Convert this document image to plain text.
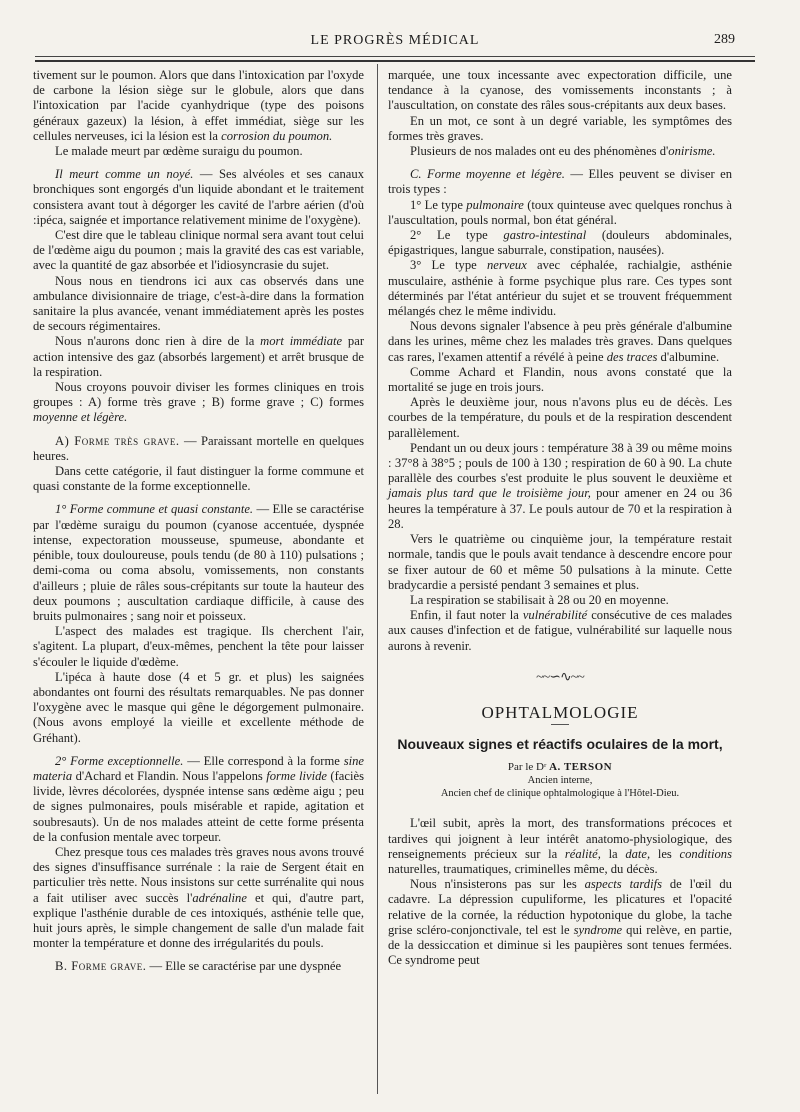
LE PROGRÈS MÉDICAL	289

tivement sur le poumon. Alors que dans l'intoxication par l'oxyde de carbone la lésion siège sur le globule, alors que dans l'intoxication par l'acide cyanhydrique (type des poisons généraux gazeux) la lésion, à effet immédiat, siège sur les cellules nerveuses, ici la lésion est la corrosion du poumon.

Le malade meurt par œdème suraigu du poumon.

Il meurt comme un noyé. — Ses alvéoles et ses canaux bronchiques sont engorgés d'un liquide abondant et le traitement consistera avant tout à dégorger les cavité de l'arbre aérien (d'où :ipéca, saignée et importance relativement minime de l'oxygène).

C'est dire que le tableau clinique normal sera avant tout celui de l'œdème aigu du poumon ; mais la gravité des cas est variable, avec la quantité de gaz absorbée et l'idiosyncrasie du sujet.

Nous nous en tiendrons ici aux cas observés dans une ambulance divisionnaire de triage, c'est-à-dire dans la formation sanitaire la plus avancée, venant immédiatement après les postes de secours régimentaires.

Nous n'aurons donc rien à dire de la mort immédiate par action intensive des gaz (absorbés largement) et arrêt brusque de la respiration.

Nous croyons pouvoir diviser les formes cliniques en trois groupes : A) forme très grave ; B) forme grave ; C) formes moyenne et légère.

A) Forme très grave. — Paraissant mortelle en quelques heures.

Dans cette catégorie, il faut distinguer la forme commune et quasi constante de la forme exceptionnelle.

1° Forme commune et quasi constante. — Elle se caractérise par l'œdème suraigu du poumon (cyanose accentuée, dyspnée intense, expectoration mousseuse, spumeuse, abondante et pénible, toux douloureuse, pouls tendu (de 80 à 110) pulsations ; demi-coma ou coma absolu, vomissements, non constants d'ailleurs ; pluie de râles sous-crépitants sur toute la hauteur des deux poumons ; auscultation cardiaque difficile, à cause des bruits pulmonaires ; sang noir et poisseux.

L'aspect des malades est tragique. Ils cherchent l'air, s'agitent. La plupart, d'eux-mêmes, penchent la tête pour laisser s'écouler le liquide d'œdème.

L'ipéca à haute dose (4 et 5 gr. et plus) les saignées abondantes ont fourni des résultats remarquables. Ne pas donner l'oxygène avec le masque qui gêne le dégorgement pulmonaire. (Nous avons employé la vieille et excellente méthode de Gréhant).

2° Forme exceptionnelle. — Elle correspond à la forme sine materia d'Achard et Flandin. Nous l'appelons forme livide (faciès livide, lèvres décolorées, dyspnée intense sans œdème aigu ; peu de signes pulmonaires, pouls misérable et rapide, agitation et soubresauts). Un de nos malades atteint de cette forme présenta de la confusion mentale avec torpeur.

Chez presque tous ces malades très graves nous avons trouvé des signes d'insuffisance surrénale : la raie de Sergent était en particulier très nette. Nous insistons sur cette surrénalite qui nous a fait utiliser avec succès l'adrénaline et qui, d'autre part, explique l'asthénie durable de ces intoxiqués, asthénie telle que, huit jours après, le simple changement de salle d'un malade fait monter la température et donne des irrégularités du pouls.

B. Forme grave. — Elle se caractérise par une dyspnée

marquée, une toux incessante avec expectoration difficile, une tendance à la cyanose, des vomissements inconstants ; à l'auscultation, on constate des râles sous-crépitants aux deux bases.

En un mot, ce sont à un degré variable, les symptômes des formes très graves.

Plusieurs de nos malades ont eu des phénomènes d'onirisme.

C. Forme moyenne et légère. — Elles peuvent se diviser en trois types :

1° Le type pulmonaire (toux quinteuse avec quelques ronchus à l'auscultation, pouls normal, bon état général.

2° Le type gastro-intestinal (douleurs abdominales, épigastriques, langue saburrale, constipation, nausées).

3° Le type nerveux avec céphalée, rachialgie, asthénie musculaire, asthénie à forme psychique plus rare. Ces types sont déterminés par l'état antérieur du sujet et se trouvent fréquemment mélangés chez le même individu.

Nous devons signaler l'absence à peu près générale d'albumine dans les urines, même chez les malades très graves. Dans quelques cas rares, l'examen attentif a révélé à peine des traces d'albumine.

Comme Achard et Flandin, nous avons constaté que la mortalité se juge en trois jours.

Après le deuxième jour, nous n'avons plus eu de décès. Les courbes de la température, du pouls et de la respiration descendent parallèlement.

Pendant un ou deux jours : température 38 à 39 ou même moins : 37°8 à 38°5 ; pouls de 100 à 130 ; respiration de 60 à 90. La chute parallèle des courbes s'est produite le plus souvent le deuxième et jamais plus tard que le troisième jour, pour amener en 24 ou 36 heures la température à 37. Le pouls autour de 70 et la respiration à 28.

Vers le quatrième ou cinquième jour, la température restait normale, tandis que le pouls avait tendance à descendre encore pour se fixer autour de 60 et même 50 pulsations à la minute. Cette bradycardie a persisté pendant 3 semaines et plus.

La respiration se stabilisait à 28 ou 20 en moyenne.

Enfin, il faut noter la vulnérabilité consécutive de ces malades aux causes d'infection et de fatigue, vulnérabilité sur laquelle nous aurons à revenir.

~~∽∿~~
OPHTALMOLOGIE
Nouveaux signes et réactifs oculaires de la mort,
Par le Dʳ A. TERSON
Ancien interne,
Ancien chef de clinique ophtalmologique à l'Hôtel-Dieu.

L'œil subit, après la mort, des transformations précoces et tardives qui joignent à leur intérêt anatomo-physiologique, des renseignements précieux sur la réalité, la date, les conditions naturelles, traumatiques, criminelles même, du décès.

Nous n'insisterons pas sur les aspects tardifs de l'œil du cadavre. La dépression cupuliforme, les plicatures et l'opacité relative de la cornée, la réduction hypotonique du globe, la tache grise scléro-conjonctivale, tel est le syndrome qui relève, en partie, de la dessiccation et diminue si les paupières sont tenues fermées. Ce syndrome peut
